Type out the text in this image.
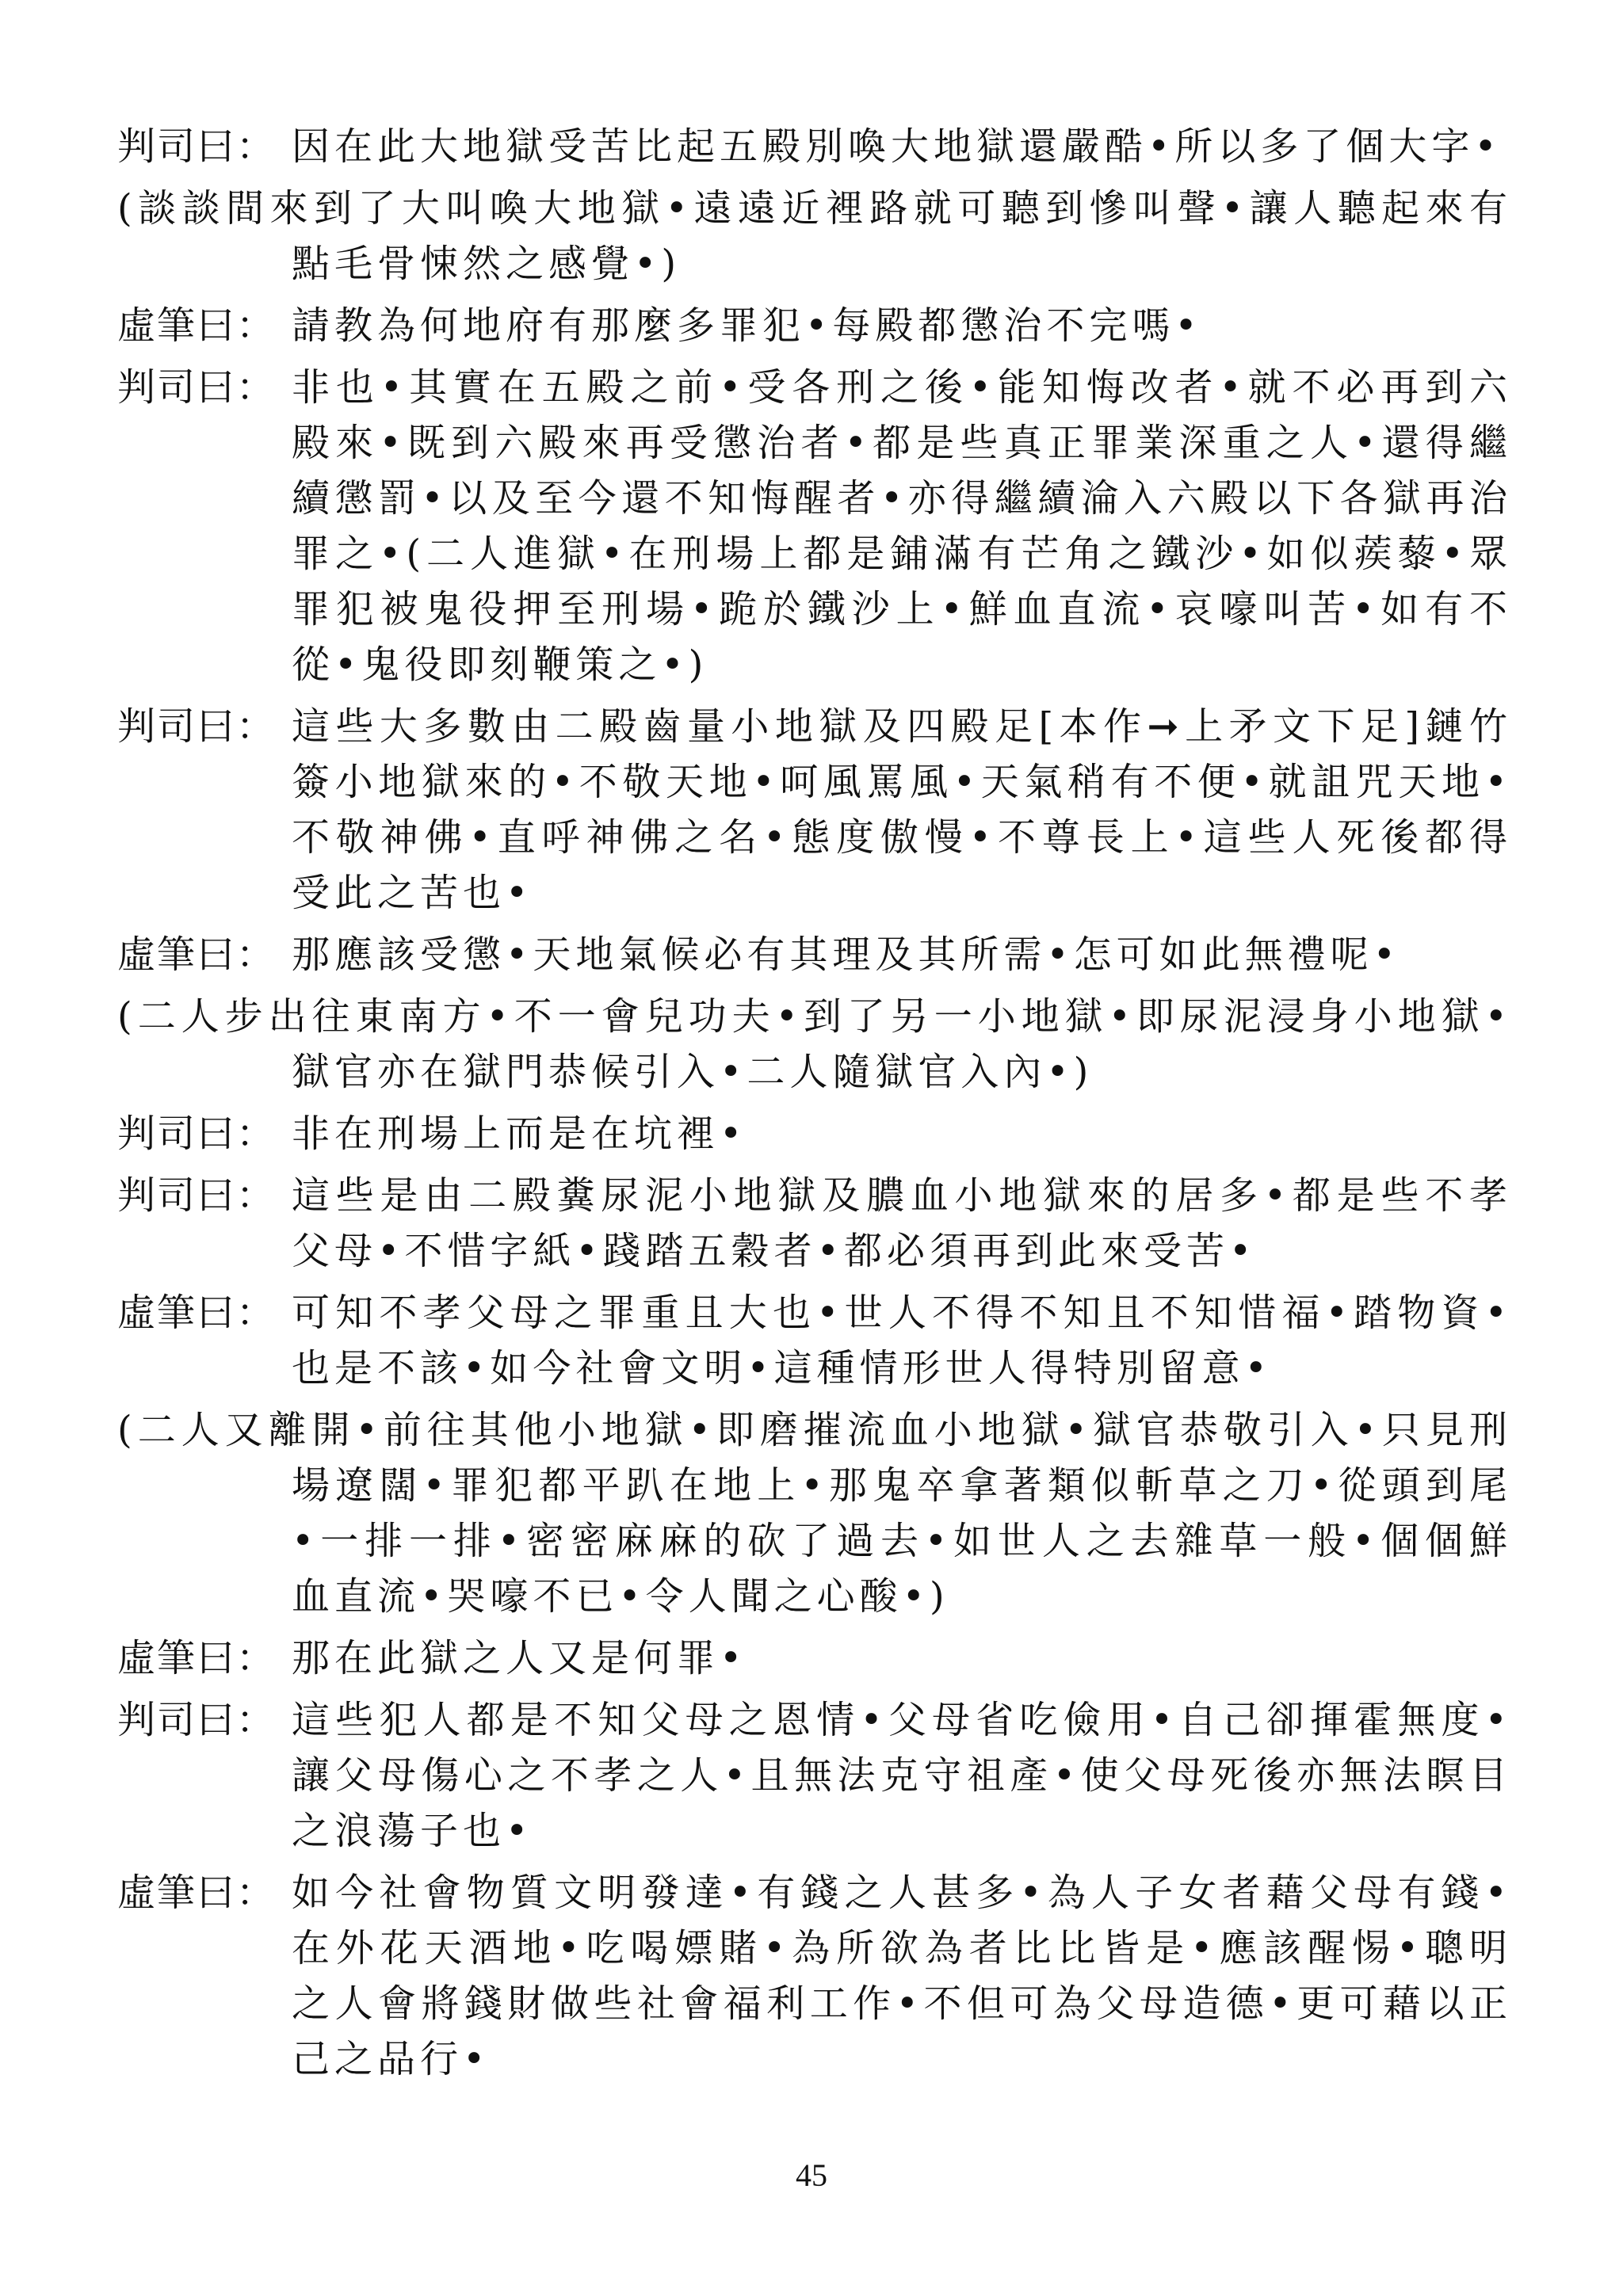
判司曰： 因在此大地獄受苦比起五殿別喚大地獄還嚴酷•所以多了個大字•
(談談間來到了大叫喚大地獄•遠遠近裡路就可聽到慘叫聲•讓人聽起來有點毛骨悚然之感覺•)
虛筆曰： 請教為何地府有那麼多罪犯•每殿都懲治不完嗎•
判司曰： 非也•其實在五殿之前•受各刑之後•能知悔改者•就不必再到六殿來•既到六殿來再受懲治者•都是些真正罪業深重之人•還得繼續懲罰•以及至今還不知悔醒者•亦得繼續淪入六殿以下各獄再治罪之•(二人進獄•在刑場上都是鋪滿有芒角之鐵沙•如似蒺藜•眾罪犯被鬼役押至刑場•跪於鐵沙上•鮮血直流•哀嚎叫苦•如有不從•鬼役即刻鞭策之•)
判司曰： 這些大多數由二殿齒量小地獄及四殿足[本作➞上矛文下足]鏈竹簽小地獄來的•不敬天地•呵風罵風•天氣稍有不便•就詛咒天地•不敬神佛•直呼神佛之名•態度傲慢•不尊長上•這些人死後都得受此之苦也•
虛筆曰： 那應該受懲•天地氣候必有其理及其所需•怎可如此無禮呢•
(二人步出往東南方•不一會兒功夫•到了另一小地獄•即尿泥浸身小地獄•獄官亦在獄門恭候引入•二人隨獄官入內•)
判司曰： 非在刑場上而是在坑裡•
判司曰： 這些是由二殿糞尿泥小地獄及膿血小地獄來的居多•都是些不孝父母•不惜字紙•踐踏五穀者•都必須再到此來受苦•
虛筆曰： 可知不孝父母之罪重且大也•世人不得不知且不知惜福•踏物資•也是不該•如今社會文明•這種情形世人得特別留意•
(二人又離開•前往其他小地獄•即磨摧流血小地獄•獄官恭敬引入•只見刑場遼闊•罪犯都平趴在地上•那鬼卒拿著類似斬草之刀•從頭到尾•一排一排•密密麻麻的砍了過去•如世人之去雜草一般•個個鮮血直流•哭嚎不已•令人聞之心酸•)
虛筆曰： 那在此獄之人又是何罪•
判司曰： 這些犯人都是不知父母之恩情•父母省吃儉用•自己卻揮霍無度•讓父母傷心之不孝之人•且無法克守祖產•使父母死後亦無法瞑目之浪蕩子也•
虛筆曰： 如今社會物質文明發達•有錢之人甚多•為人子女者藉父母有錢•在外花天酒地•吃喝嫖賭•為所欲為者比比皆是•應該醒惕•聰明之人會將錢財做些社會福利工作•不但可為父母造德•更可藉以正己之品行•
45
